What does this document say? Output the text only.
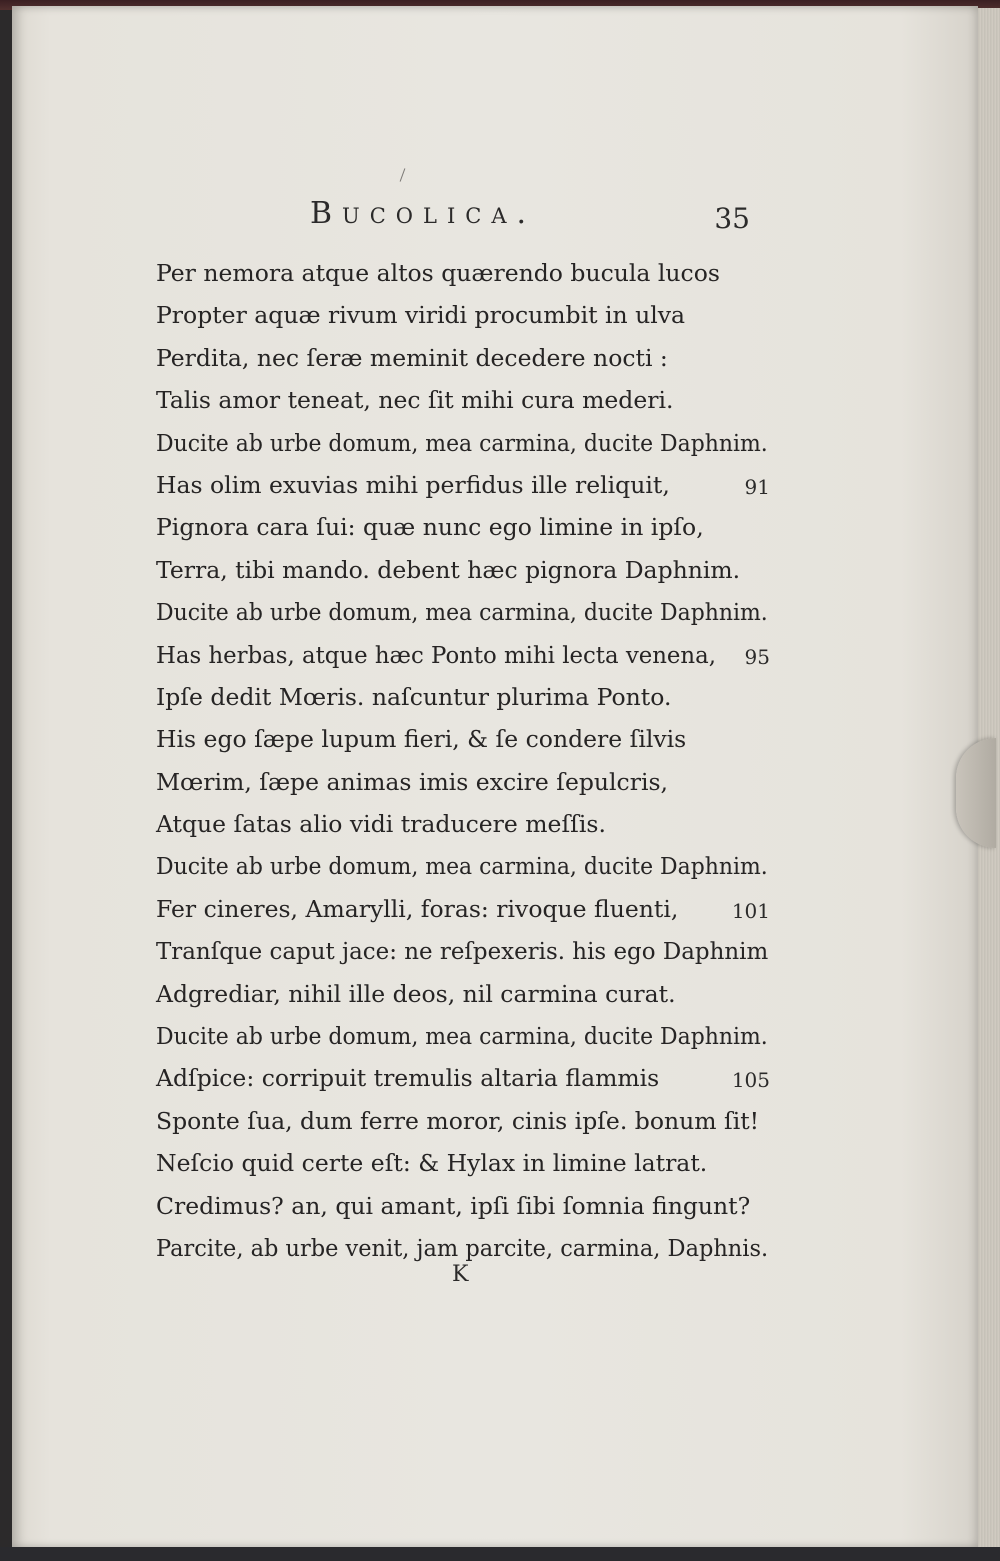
Bucolica.	35
Per nemora atque altos quærendo bucula lucos
Propter aquæ rivum viridi procumbit in ulva
Perdita, nec ſeræ meminit decedere nocti :
Talis amor teneat, nec ſit mihi cura mederi.
Ducite ab urbe domum, mea carmina, ducite Daphnim.
Has olim exuvias mihi perfidus ille reliquit,	91
Pignora cara ſui: quæ nunc ego limine in ipſo,
Terra, tibi mando. debent hæc pignora Daphnim.
Ducite ab urbe domum, mea carmina, ducite Daphnim.
Has herbas, atque hæc Ponto mihi lecta venena, 95
Ipſe dedit Mœris. naſcuntur plurima Ponto.
His ego ſæpe lupum fieri, & ſe condere ſilvis
Mœrim, ſæpe animas imis excire ſepulcris,
Atque ſatas alio vidi traducere meſſis.
Ducite ab urbe domum, mea carmina, ducite Daphnim.
Fer cineres, Amarylli, foras: rivoque fluenti,	101
Tranſque caput jace: ne reſpexeris. his ego Daphnim
Adgrediar, nihil ille deos, nil carmina curat.
Ducite ab urbe domum, mea carmina, ducite Daphnim.
Adſpice: corripuit tremulis altaria flammis	105
Sponte ſua, dum ferre moror, cinis ipſe. bonum ſit!
Neſcio quid certe eſt: & Hylax in limine latrat.
Credimus? an, qui amant, ipſi ſibi ſomnia fingunt?
Parcite, ab urbe venit, jam parcite, carmina, Daphnis.
K
